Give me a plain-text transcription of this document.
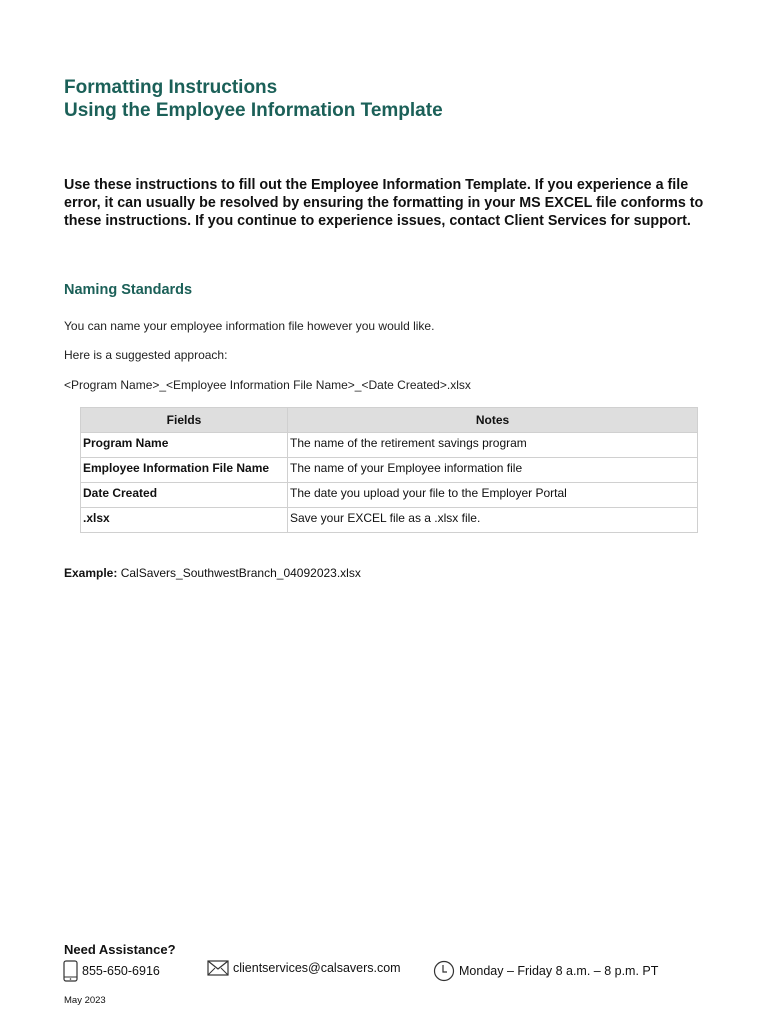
Formatting Instructions
Using the Employee Information Template

Use these instructions to fill out the Employee Information Template. If you experience a file error, it can usually be resolved by ensuring the formatting in your MS EXCEL file conforms to these instructions. If you continue to experience issues, contact Client Services for support.

Naming Standards

You can name your employee information file however you would like.

Here is a suggested approach:

<Program Name>_<Employee Information File Name>_<Date Created>.xlsx

Fields	Notes
Program Name	The name of the retirement savings program
Employee Information File Name	The name of your Employee information file
Date Created	The date you upload your file to the Employer Portal
.xlsx	Save your EXCEL file as a .xlsx file.

Example: CalSavers_SouthwestBranch_04092023.xlsx

Need Assistance?
855-650-6916	clientservices@calsavers.com	Monday – Friday 8 a.m. – 8 p.m. PT

May 2023
